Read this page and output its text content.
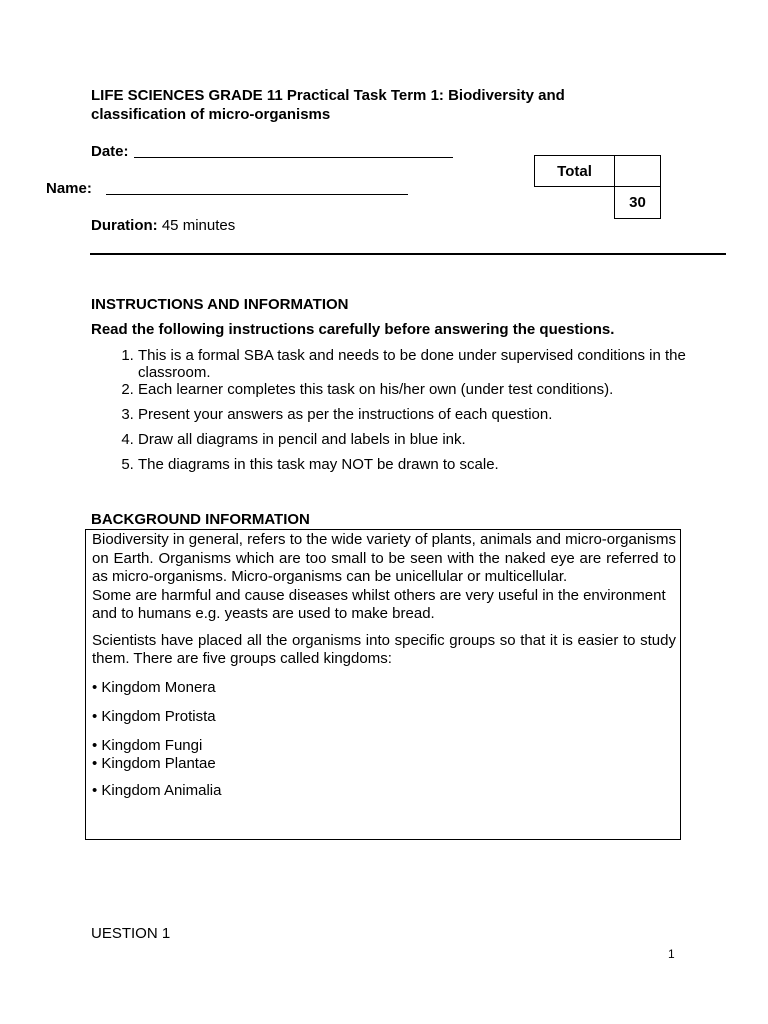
LIFE SCIENCES GRADE 11 Practical Task Term 1: Biodiversity and classification of micro-organisms
Date:
Name:
Duration: 45 minutes
Total	
	30
INSTRUCTIONS AND INFORMATION
Read the following instructions carefully before answering the questions.
1. This is a formal SBA task and needs to be done under supervised conditions in the classroom.
2. Each learner completes this task on his/her own (under test conditions).
3. Present your answers as per the instructions of each question.
4. Draw all diagrams in pencil and labels in blue ink.
5. The diagrams in this task may NOT be drawn to scale.
BACKGROUND INFORMATION

Biodiversity in general, refers to the wide variety of plants, animals and micro-organisms on Earth. Organisms which are too small to be seen with the naked eye are referred to as micro-organisms. Micro-organisms can be unicellular or multicellular.

Some are harmful and cause diseases whilst others are very useful in the environment

and to humans e.g. yeasts are used to make bread.

Scientists have placed all the organisms into specific groups so that it is easier to study them. There are five groups called kingdoms:

• Kingdom Monera

• Kingdom Protista

• Kingdom Fungi

• Kingdom Plantae

• Kingdom Animalia

UESTION 1
1
